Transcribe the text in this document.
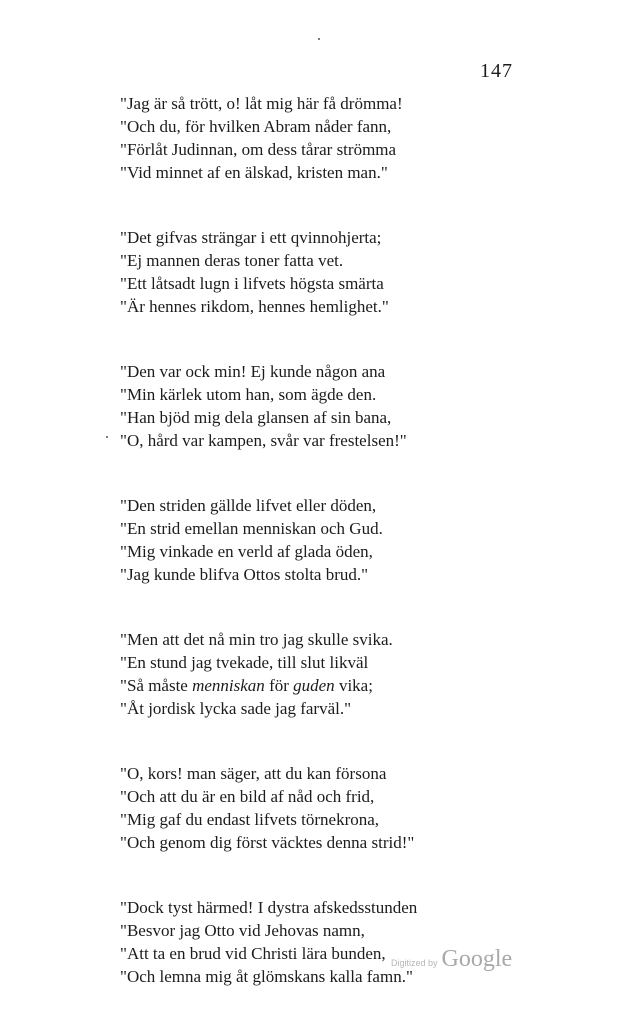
147
"Jag är så trött, o! låt mig här få drömma!
"Och du, för hvilken Abram nåder fann,
"Förlåt Judinnan, om dess tårar strömma
"Vid minnet af en älskad, kristen man."
"Det gifvas strängar i ett qvinnohjerta;
"Ej mannen deras toner fatta vet.
"Ett låtsadt lugn i lifvets högsta smärta
"Är hennes rikdom, hennes hemlighet."
"Den var ock min! Ej kunde någon ana
"Min kärlek utom han, som ägde den.
"Han bjöd mig dela glansen af sin bana,
"O, hård var kampen, svår var frestelsen!"
"Den striden gällde lifvet eller döden,
"En strid emellan menniskan och Gud.
"Mig vinkade en verld af glada öden,
"Jag kunde blifva Ottos stolta brud."
"Men att det nå min tro jag skulle svika.
"En stund jag tvekade, till slut likväl
"Så måste menniskan för guden vika;
"Åt jordisk lycka sade jag farväl."
"O, kors! man säger, att du kan försona
"Och att du är en bild af nåd och frid,
"Mig gaf du endast lifvets törnekrona,
"Och genom dig först väcktes denna strid!"
"Dock tyst härmed! I dystra afskedsstunden
"Besvor jag Otto vid Jehovas namn,
"Att ta en brud vid Christi lära bunden,
"Och lemna mig åt glömskans kalla famn."
Digitized by Google
